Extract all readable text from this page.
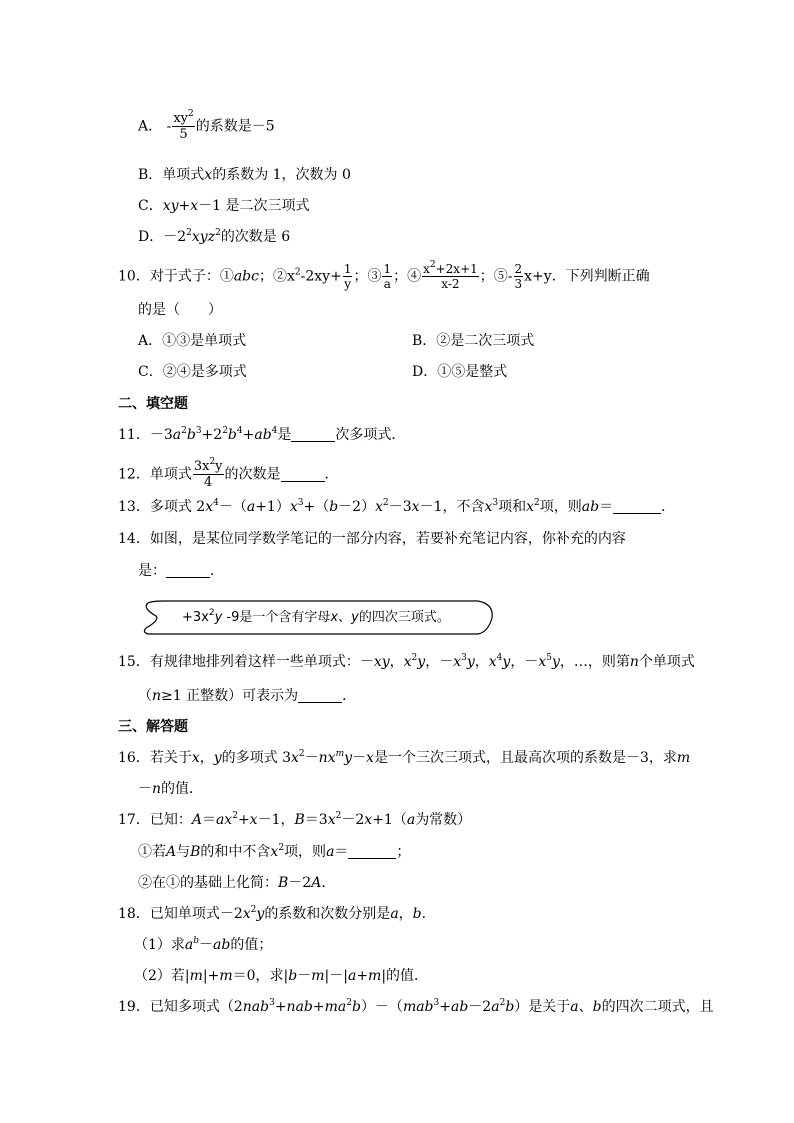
A． - $\frac{xy^2}{5}$ 的系数是－5
B．单项式x的系数为 1，次数为 0
C．xy+x－1 是二次三项式
D．$-2^2xyz^2$的次数是 6
10．对于式子：①abc；$②x^2-2xy+ \frac{1}{y}$ ；③ $\frac{1}{a}$ ；④ $\frac{x^2+2x+1}{x-2}$ ；⑤- $\frac{2}{3} x+y$．下列判断正确
的是（　　）
A．①③是单项式	B．②是二次三项式
C．②④是多项式	D．①⑤是整式
二、填空题
11．$-3a^2b^3+2^2b^4+ab^4$是	次多项式．
12．单项式 $\frac{3x^2y}{4}$ 的次数是	．
13．多项式 $2x^4-(a+1)x^3+(b-2)x^2-3x-1$，不含$x^3$项和$x^2$项，则ab＝	．
14．如图，是某位同学数学笔记的一部分内容，若要补充笔记内容，你补充的内容
是：	．
$+3x^2y$ -9是一个含有字母x、y的四次三项式。
15．有规律地排列着这样一些单项式：－xy，$x^2y$，$-x^3y$，$x^4y$，$-x^5y$，…，则第n个单项式
（n≥1 正整数）可表示为	．
三、解答题
16．若关于x，y的多项式 $3x^2-nx^my-x$是一个三次三项式，且最高次项的系数是－3，求m
－n的值．
17．已知：$A=ax^2+x-1$，$B=3x^2-2x+1(a$为常数）
①若A与B的和中不含$x^2$项，则a＝	；
②在①的基础上化简：B－2A．
18．已知单项式$-2x^2y$的系数和次数分别是a，b．
（1）求$a^b-ab$的值；
（2）若|m|+m＝0，求|b－m|－|a+m|的值．
19．已知多项式$(2nab^3+nab+ma^2b)-(mab^3+ab-2a^2b)$是关于a、b的四次二项式，且
